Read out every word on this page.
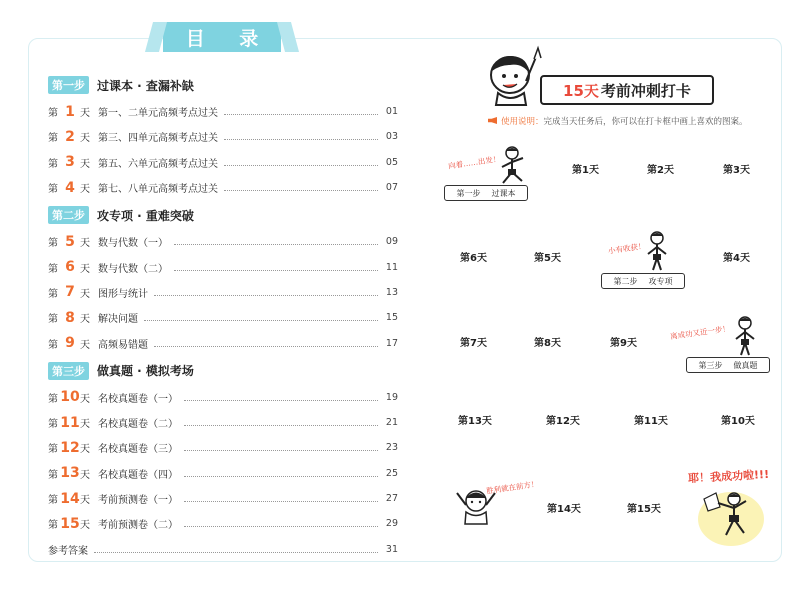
目 录
第一步	过课本 · 查漏补缺
第 1 天 第一、二单元高频考点过关	01
第 2 天 第三、四单元高频考点过关	03
第 3 天 第五、六单元高频考点过关	05
第 4 天 第七、八单元高频考点过关	07
第二步	攻专项 · 重难突破
第 5 天 数与代数（一）	09
第 6 天 数与代数（二）	11
第 7 天 图形与统计	13
第 8 天 解决问题	15
第 9 天 高频易错题	17
第三步	做真题 · 模拟考场
第 10 天 名校真题卷（一）	19
第 11 天 名校真题卷（二）	21
第 12 天 名校真题卷（三）	23
第 13 天 名校真题卷（四）	25
第 14 天 考前预测卷（一）	27
第 15 天 考前预测卷（二）	29
参考答案	31
15天 考前冲刺打卡
使用说明：完成当天任务后，你可以在打卡框中画上喜欢的图案。
向着……出发！
第一步 过课本
第1天	第2天	第3天
第6天	第5天
小有收获！
第二步 攻专项
第4天
第7天	第8天	第9天
离成功又近一步！
第三步 做真题
第13天	第12天	第11天	第10天
胜利就在前方！
第14天	第15天
耶！我成功啦!!!
